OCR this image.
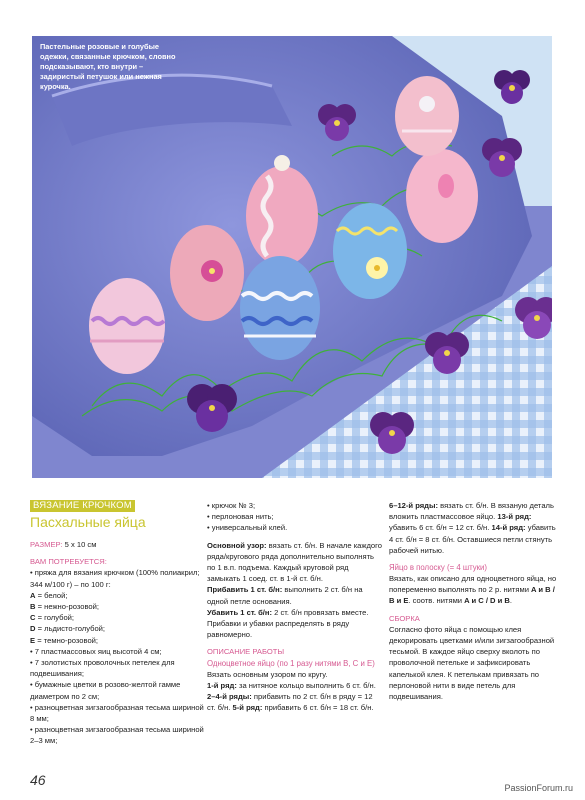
Пастельные розовые и голубые одежки, связанные крючком, словно подсказывают, кто внутри – задиристый петушок или нежная курочка.
ВЯЗАНИЕ КРЮЧКОМ
Пасхальные яйца

РАЗМЕР: 5 х 10 см

ВАМ ПОТРЕБУЕТСЯ:

• пряжа для вязания крючком (100% полиакрил; 344 м/100 г) – по 100 г:

A = белой;

B = нежно-розовой;

C = голубой;

D = льдисто-голубой;

E = темно-розовой;

• 7 пластмассовых яиц высотой 4 см;

• 7 золотистых проволочных петелек для подвешивания;

• бумажные цветки в розово-желтой гамме диаметром по 2 см;

• разноцветная зигзагообразная тесьма шириной 8 мм;

• разноцветная зигзагообразная тесьма шириной 2–3 мм;

• крючок № 3;

• перлоновая нить;

• универсальный клей.

Основной узор: вязать ст. б/н. В начале каждого ряда/кругового ряда дополнительно выполнять по 1 в.п. подъема. Каждый круговой ряд замыкать 1 соед. ст. в 1-й ст. б/н.

Прибавить 1 ст. б/н: выполнить 2 ст. б/н на одной петле основания.

Убавить 1 ст. б/н: 2 ст. б/н провязать вместе.

Прибавки и убавки распределять в ряду равномерно.

ОПИСАНИЕ РАБОТЫ

Одноцветное яйцо (по 1 разу нитями B, C и E)

Вязать основным узором по кругу.

1-й ряд: за нитяное кольцо выполнить 6 ст. б/н. 2–4-й ряды: прибавить по 2 ст. б/н в ряду = 12 ст. б/н. 5-й ряд: прибавить 6 ст. б/н = 18 ст. б/н.

6–12-й ряды: вязать ст. б/н. В вязаную деталь вложить пластмассовое яйцо. 13-й ряд: убавить 6 ст. б/н = 12 ст. б/н. 14-й ряд: убавить 4 ст. б/н = 8 ст. б/н. Оставшиеся петли стянуть рабочей нитью.

Яйцо в полоску (= 4 штуки)

Вязать, как описано для одноцветного яйца, но попеременно выполнять по 2 р. нитями A и B / B и E. соотв. нитями A и C / D и B.

СБОРКА

Согласно фото яйца с помощью клея декорировать цветками и/или зигзагообразной тесьмой. В каждое яйцо сверху вколоть по проволочной петельке и зафиксировать капелькой клея. К петелькам привязать по перлоновой нити в виде петель для подвешивания.

46	PassionForum.ru
